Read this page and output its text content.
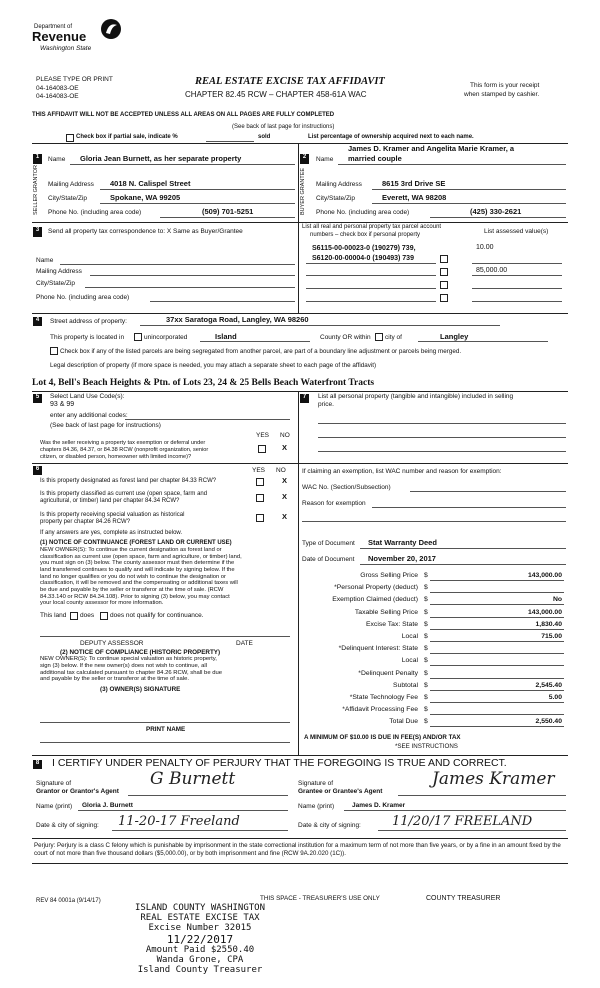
Department of
Revenue
Washington State
PLEASE TYPE OR PRINT
04-164083-OE
04-164083-OE
REAL ESTATE EXCISE TAX AFFIDAVIT
CHAPTER 82.45 RCW – CHAPTER 458-61A WAC
This form is your receipt
when stamped by cashier.
THIS AFFIDAVIT WILL NOT BE ACCEPTED UNLESS ALL AREAS ON ALL PAGES ARE FULLY COMPLETED
(See back of last page for instructions)
Check box if partial sale, indicate %	sold	List percentage of ownership acquired next to each name.
1
SELLER GRANTOR
Name Gloria Jean Burnett, as her separate property
Mailing Address 4018 N. Calispel Street
City/State/Zip	Spokane, WA 99205
Phone No. (including area code)	(509) 701-5251
2
BUYER GRANTEE
James D. Kramer and Angelita Marie Kramer, a
Name married couple
Mailing Address	8615 3rd Drive SE
City/State/Zip	Everett, WA 98208
Phone No. (including area code)	(425) 330-2621
3	Send all property tax correspondence to: X Same as Buyer/Grantee
Name
Mailing Address
City/State/Zip
Phone No. (including area code)
List all real and personal property tax parcel account
numbers – check box if personal property	List assessed value(s)
S6115-00-00023-0 (190279) 739,	10.00
S6120-00-00004-0 (190493) 739
85,000.00
4	Street address of property:	37xx Saratoga Road, Langley, WA 98260
This property is located in	unincorporated	Island	County OR within city of	Langley
Check box if any of the listed parcels are being segregated from another parcel, are part of a boundary line adjustment or parcels being merged.
Legal description of property (if more space is needed, you may attach a separate sheet to each page of the affidavit)
Lot 4, Bell's Beach Heights & Ptn. of Lots 23, 24 & 25 Bells Beach Waterfront Tracts
5	Select Land Use Code(s):
93 & 99
enter any additional codes:
(See back of last page for instructions)
YES NO
Was the seller receiving a property tax exemption or deferral under
chapters 84.36, 84.37, or 84.38 RCW (nonprofit organization, senior
citizen, or disabled person, homeowner with limited income)?
X
6	YES NO
Is this property designated as forest land per chapter 84.33 RCW?	X
Is this property classified as current use (open space, farm and
agricultural, or timber) land per chapter 84.34 RCW?	X
Is this property receiving special valuation as historical
property per chapter 84.26 RCW?
X
If any answers are yes, complete as instructed below.
(1) NOTICE OF CONTINUANCE (FOREST LAND OR CURRENT USE)
NEW OWNER(S): To continue the current designation as forest land or
classification as current use (open space, farm and agriculture, or timber) land,
you must sign on (3) below. The county assessor must then determine if the
land transferred continues to qualify and will indicate by signing below. If the
land no longer qualifies or you do not wish to continue the designation or
classification, it will be removed and the compensating or additional taxes will
be due and payable by the seller or transferor at the time of sale. (RCW
84.33.140 or RCW 84.34.108). Prior to signing (3) below, you may contact
your local county assessor for more information.
This land does does not qualify for continuance.
DEPUTY ASSESSOR	DATE
(2) NOTICE OF COMPLIANCE (HISTORIC PROPERTY)
NEW OWNER(S): To continue special valuation as historic property,
sign (3) below. If the new owner(s) does not wish to continue, all
additional tax calculated pursuant to chapter 84.26 RCW, shall be due
and payable by the seller or transferor at the time of sale.
(3) OWNER(S) SIGNATURE
PRINT NAME
7	List all personal property (tangible and intangible) included in selling
price.
If claiming an exemption, list WAC number and reason for exemption:
WAC No. (Section/Subsection)
Reason for exemption
Type of Document Stat Warranty Deed
Date of Document November 20, 2017
Gross Selling Price $	143,000.00
*Personal Property (deduct) $
Exemption Claimed (deduct) $	No
Taxable Selling Price $	143,000.00
Excise Tax: State $	1,830.40
Local $	715.00
*Delinquent Interest: State $
Local $
*Delinquent Penalty $
Subtotal $	2,545.40
*State Technology Fee $	5.00
*Affidavit Processing Fee $
Total Due $	2,550.40
A MINIMUM OF $10.00 IS DUE IN FEE(S) AND/OR TAX
*SEE INSTRUCTIONS
8 I CERTIFY UNDER PENALTY OF PERJURY THAT THE FOREGOING IS TRUE AND CORRECT.
Signature of
Grantor or Grantor's Agent
G Burnett
Name (print) Gloria J. Burnett
Date & city of signing: 11-20-17 Freeland
Signature of
Grantee or Grantee's Agent
James Kramer
Name (print)	James D. Kramer
Date & city of signing: 11/20/17 FREELAND
Perjury: Perjury is a class C felony which is punishable by imprisonment in the state correctional institution for a maximum term of not more than five years, or by a fine in an amount fixed by the court of not more than five thousand dollars ($5,000.00), or by both imprisonment and fine (RCW 9A.20.020 (1C)).
REV 84 0001a (9/14/17)	THIS SPACE - TREASURER'S USE ONLY	COUNTY TREASURER
ISLAND COUNTY WASHINGTON
REAL ESTATE EXCISE TAX
Excise Number 32015
11/22/2017
Amount Paid $2550.40
Wanda Grone, CPA
Island County Treasurer
